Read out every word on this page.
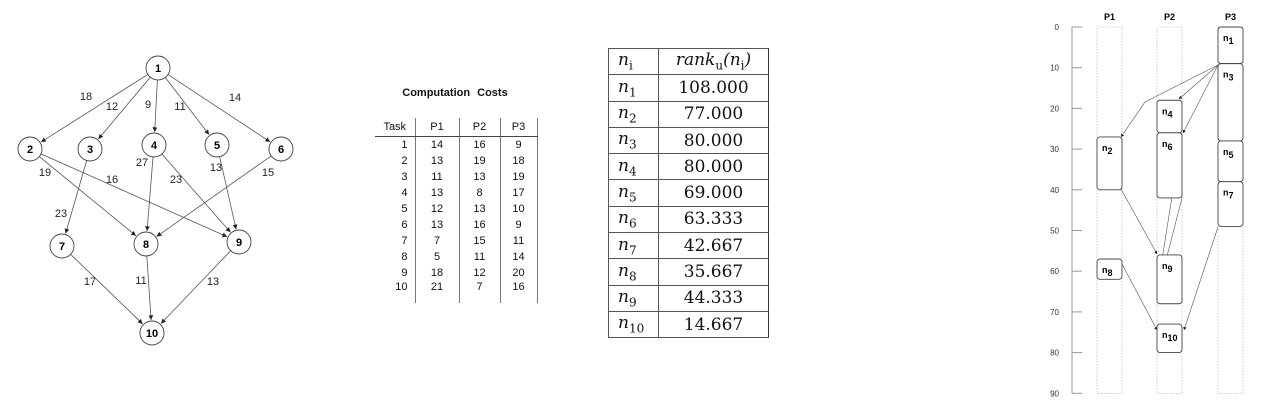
18
12 9 11
14
19
16
23
27
23
13	15
17	11	13
1
2	3	4	5	6
7	8	9
10
Computation Costs
Task	P1	P2	P3
1	14	16	9
2	13	19	18
3	11	13	19
4	13	8	17
5	12	13	10
6	13	16	9
7	7	15	11
8	5	11	14
9	18	12	20
10	21	7	16
$n_i$	$rank_u(n_i)$
$n_1$	108.000
$n_2$	77.000
$n_3$	80.000
$n_4$	80.000
$n_5$	69.000
$n_6$	63.333
$n_7$	42.667
$n_8$	35.667
$n_9$	44.333
$n_{10}$	14.667
0
10
20
30
40
50
60
70
80
90
P1	P2	P3
n1
n3
n5
n7
n4
n6
n9
n10
n2
n8
